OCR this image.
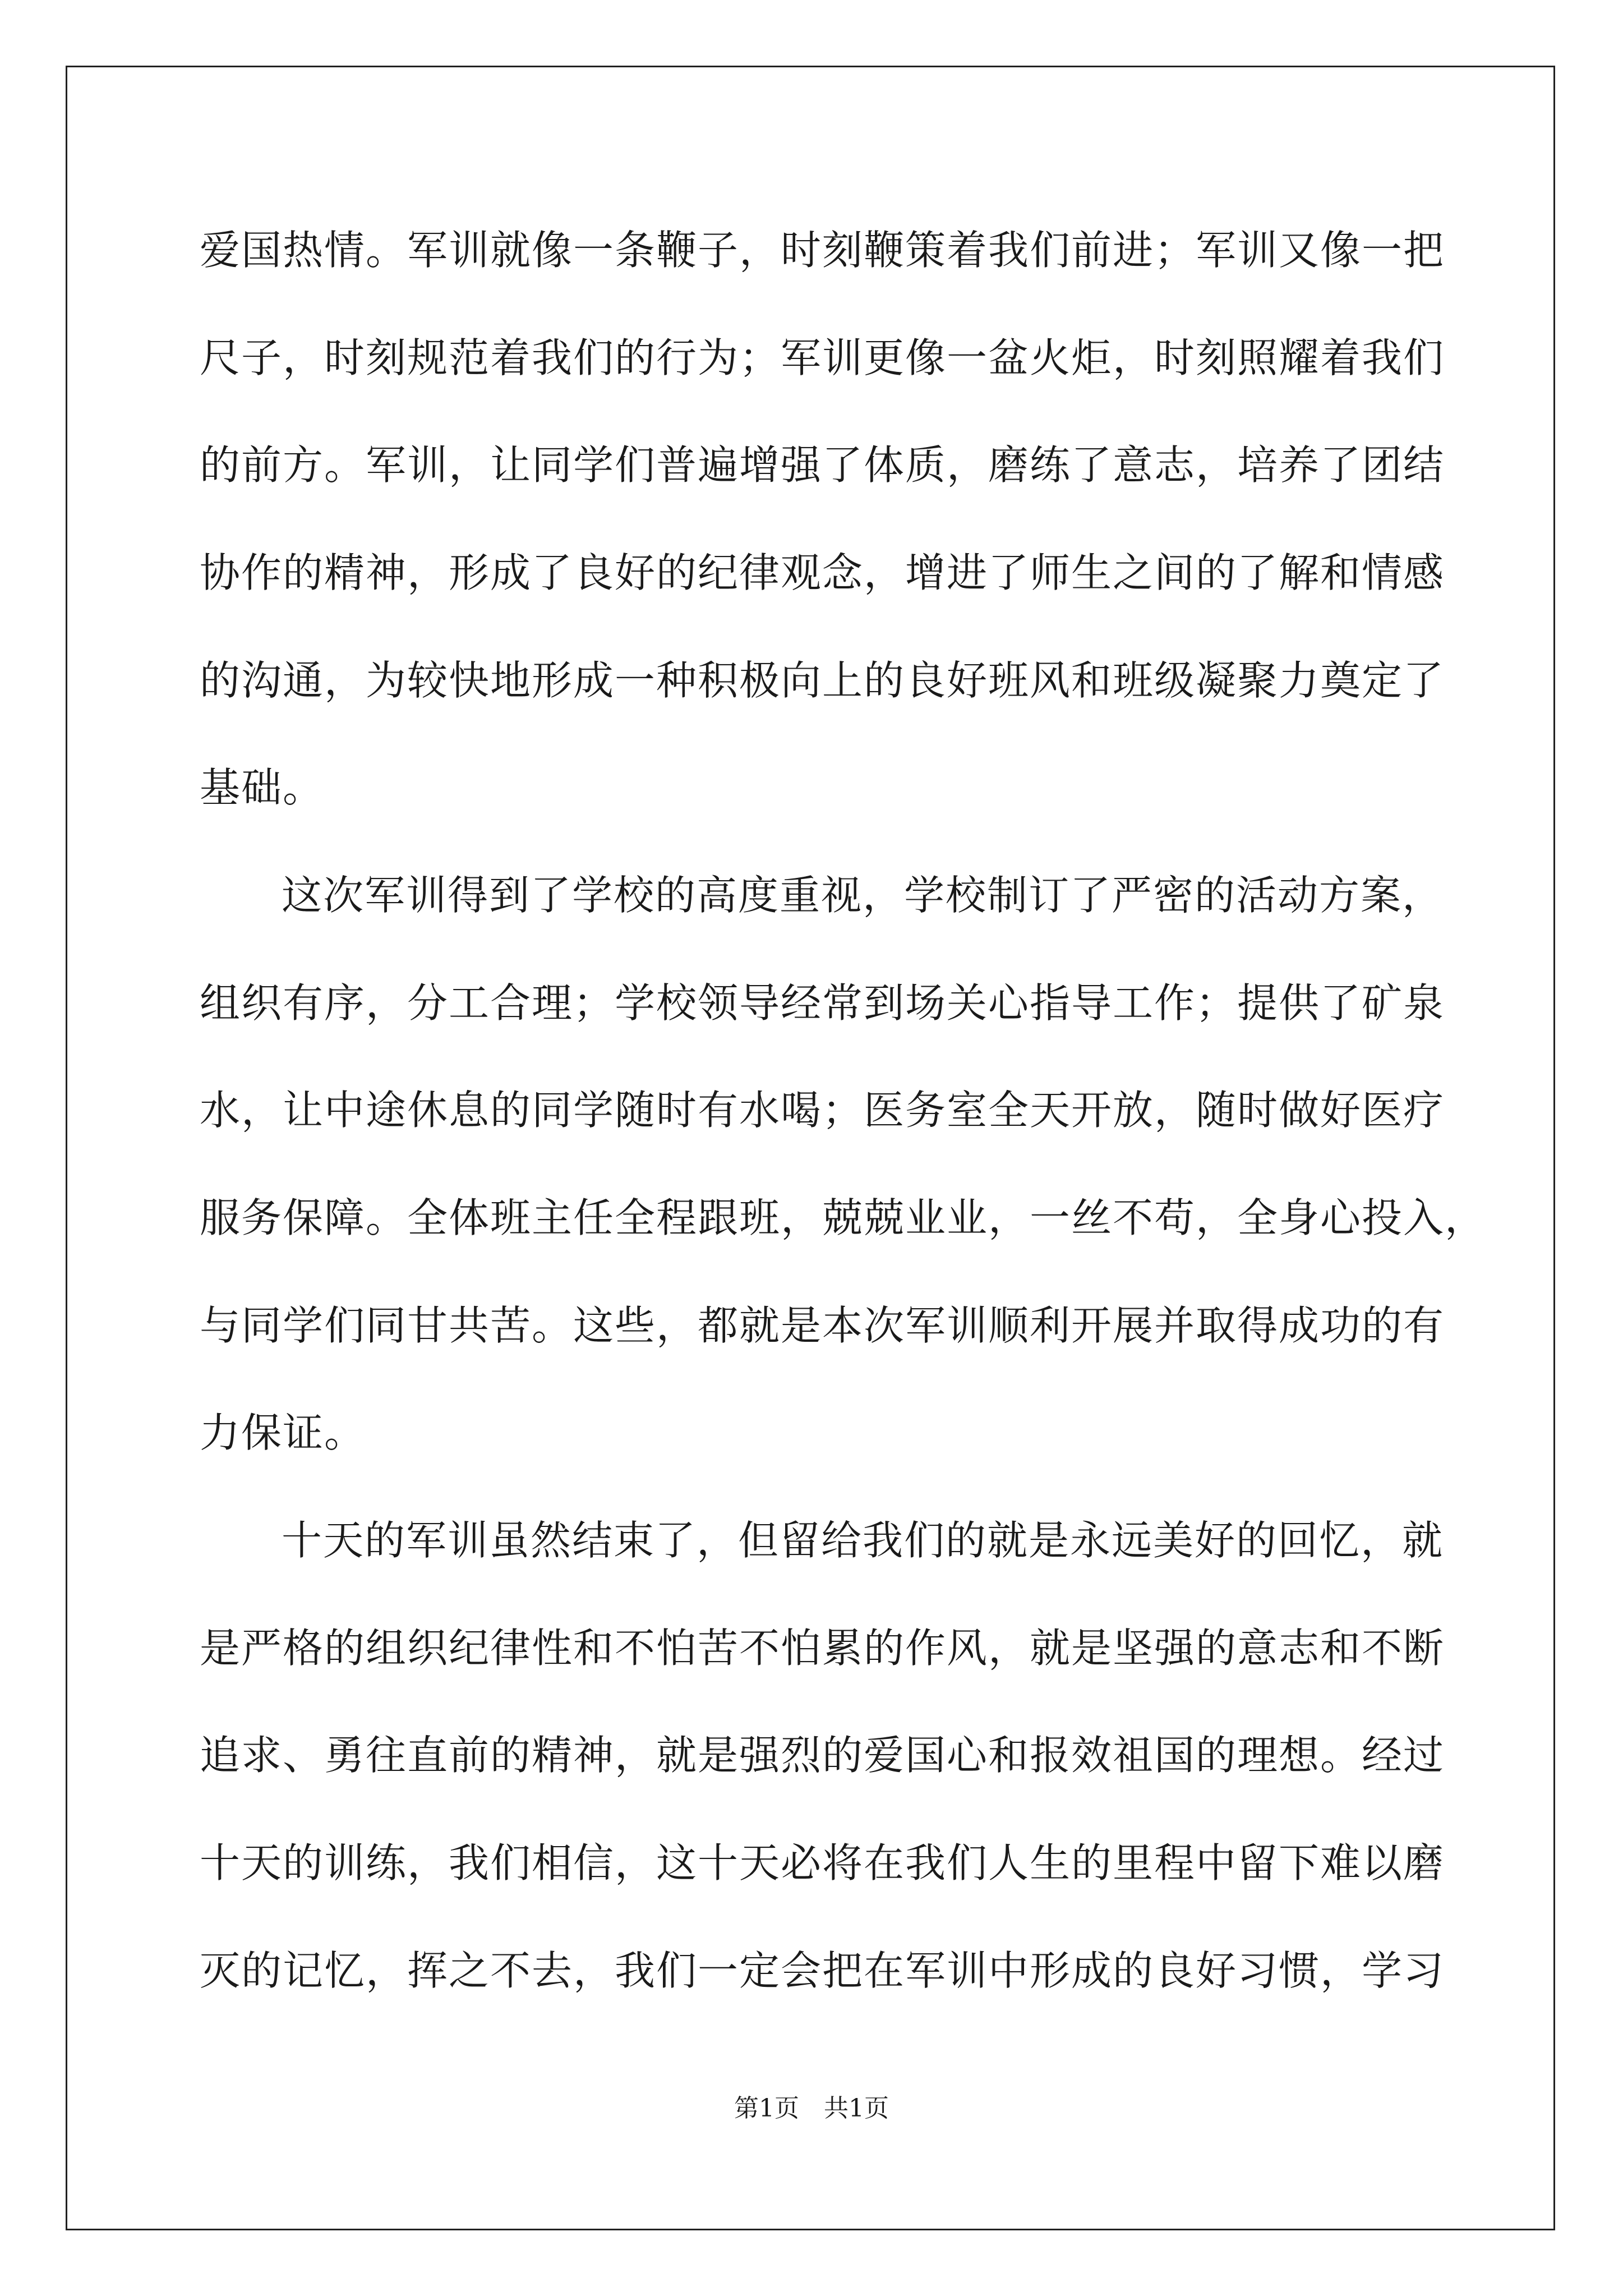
爱国热情。军训就像一条鞭子，时刻鞭策着我们前进；军训又像一把
尺子，时刻规范着我们的行为；军训更像一盆火炬，时刻照耀着我们
的前方。军训，让同学们普遍增强了体质，磨练了意志，培养了团结
协作的精神，形成了良好的纪律观念，增进了师生之间的了解和情感
的沟通，为较快地形成一种积极向上的良好班风和班级凝聚力奠定了
基础。
这次军训得到了学校的高度重视，学校制订了严密的活动方案，
组织有序，分工合理；学校领导经常到场关心指导工作；提供了矿泉
水，让中途休息的同学随时有水喝；医务室全天开放，随时做好医疗
服务保障。全体班主任全程跟班，兢兢业业，一丝不苟，全身心投入，
与同学们同甘共苦。这些，都就是本次军训顺利开展并取得成功的有
力保证。
十天的军训虽然结束了，但留给我们的就是永远美好的回忆，就
是严格的组织纪律性和不怕苦不怕累的作风，就是坚强的意志和不断
追求、勇往直前的精神，就是强烈的爱国心和报效祖国的理想。经过
十天的训练，我们相信，这十天必将在我们人生的里程中留下难以磨
灭的记忆，挥之不去，我们一定会把在军训中形成的良好习惯，学习
第1页　共1页
